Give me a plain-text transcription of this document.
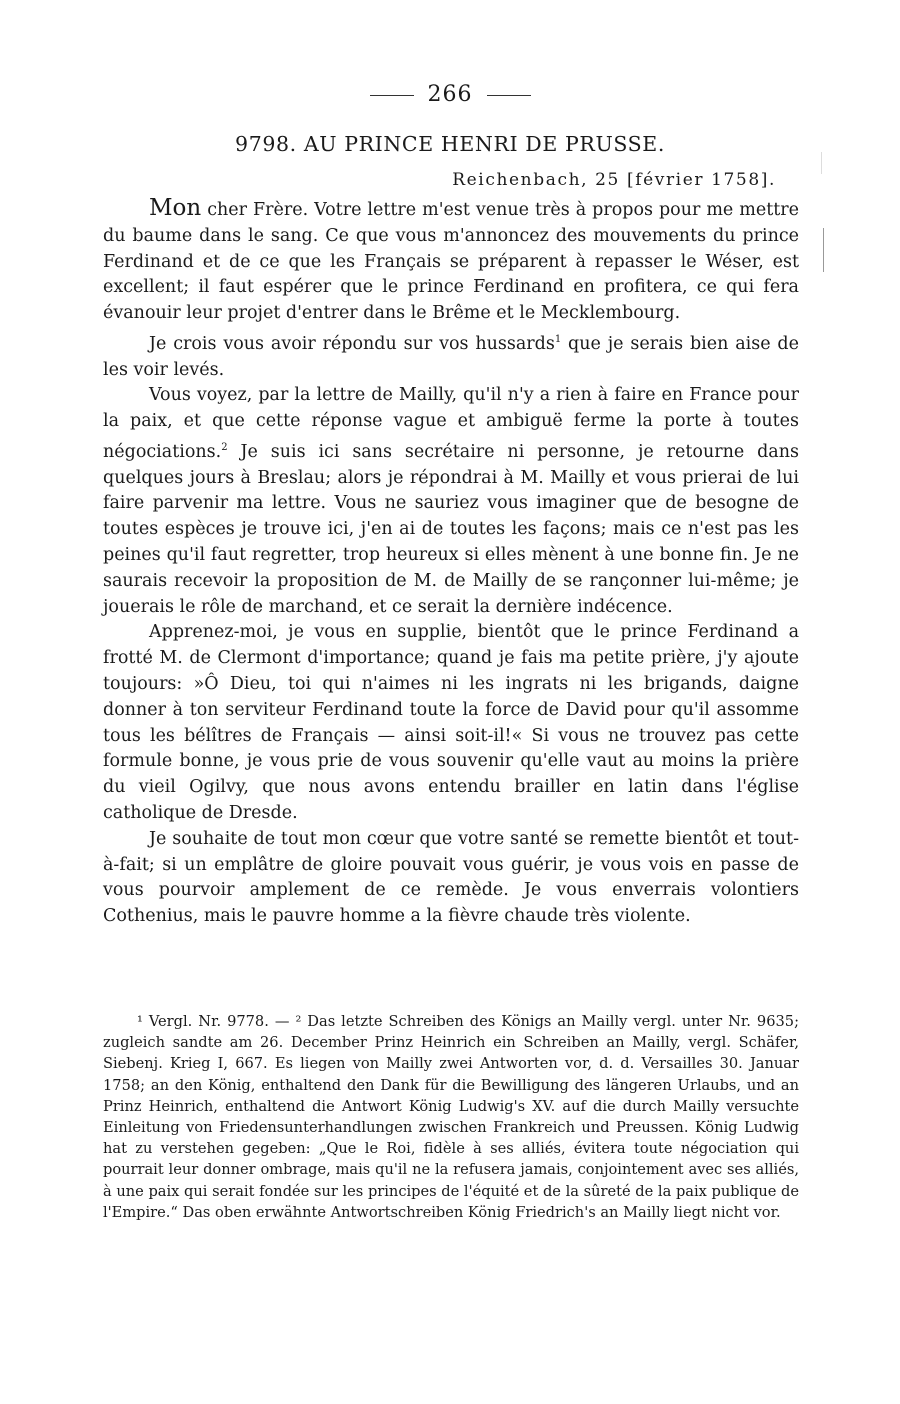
266
9798. AU PRINCE HENRI DE PRUSSE.
Reichenbach, 25 [février 1758].

Mon cher Frère. Votre lettre m'est venue très à propos pour me mettre du baume dans le sang. Ce que vous m'annoncez des mouvements du prince Ferdinand et de ce que les Français se préparent à repasser le Wéser, est excellent; il faut espérer que le prince Ferdinand en profitera, ce qui fera évanouir leur projet d'entrer dans le Brême et le Mecklembourg.

Je crois vous avoir répondu sur vos hussards$^1$ que je serais bien aise de les voir levés.

Vous voyez, par la lettre de Mailly, qu'il n'y a rien à faire en France pour la paix, et que cette réponse vague et ambiguë ferme la porte à toutes négociations.$^2$ Je suis ici sans secrétaire ni personne, je retourne dans quelques jours à Breslau; alors je répondrai à M. Mailly et vous prierai de lui faire parvenir ma lettre. Vous ne sauriez vous imaginer que de besogne de toutes espèces je trouve ici, j'en ai de toutes les façons; mais ce n'est pas les peines qu'il faut regretter, trop heureux si elles mènent à une bonne fin. Je ne saurais recevoir la proposition de M. de Mailly de se rançonner lui-même; je jouerais le rôle de marchand, et ce serait la dernière indécence.

Apprenez-moi, je vous en supplie, bientôt que le prince Ferdinand a frotté M. de Clermont d'importance; quand je fais ma petite prière, j'y ajoute toujours: »Ô Dieu, toi qui n'aimes ni les ingrats ni les brigands, daigne donner à ton serviteur Ferdinand toute la force de David pour qu'il assomme tous les bélîtres de Français — ainsi soit-il!« Si vous ne trouvez pas cette formule bonne, je vous prie de vous souvenir qu'elle vaut au moins la prière du vieil Ogilvy, que nous avons entendu brailler en latin dans l'église catholique de Dresde.

Je souhaite de tout mon cœur que votre santé se remette bientôt et tout-à-fait; si un emplâtre de gloire pouvait vous guérir, je vous vois en passe de vous pourvoir amplement de ce remède. Je vous enverrais volontiers Cothenius, mais le pauvre homme a la fièvre chaude très violente.

¹ Vergl. Nr. 9778. — ² Das letzte Schreiben des Königs an Mailly vergl. unter Nr. 9635; zugleich sandte am 26. December Prinz Heinrich ein Schreiben an Mailly, vergl. Schäfer, Siebenj. Krieg I, 667. Es liegen von Mailly zwei Antworten vor, d. d. Versailles 30. Januar 1758; an den König, enthaltend den Dank für die Bewilligung des längeren Urlaubs, und an Prinz Heinrich, enthaltend die Antwort König Ludwig's XV. auf die durch Mailly versuchte Einleitung von Friedensunterhandlungen zwischen Frankreich und Preussen. König Ludwig hat zu verstehen gegeben: „Que le Roi, fidèle à ses alliés, évitera toute négociation qui pourrait leur donner ombrage, mais qu'il ne la refusera jamais, conjointement avec ses alliés, à une paix qui serait fondée sur les principes de l'équité et de la sûreté de la paix publique de l'Empire.“ Das oben erwähnte Antwortschreiben König Friedrich's an Mailly liegt nicht vor.
